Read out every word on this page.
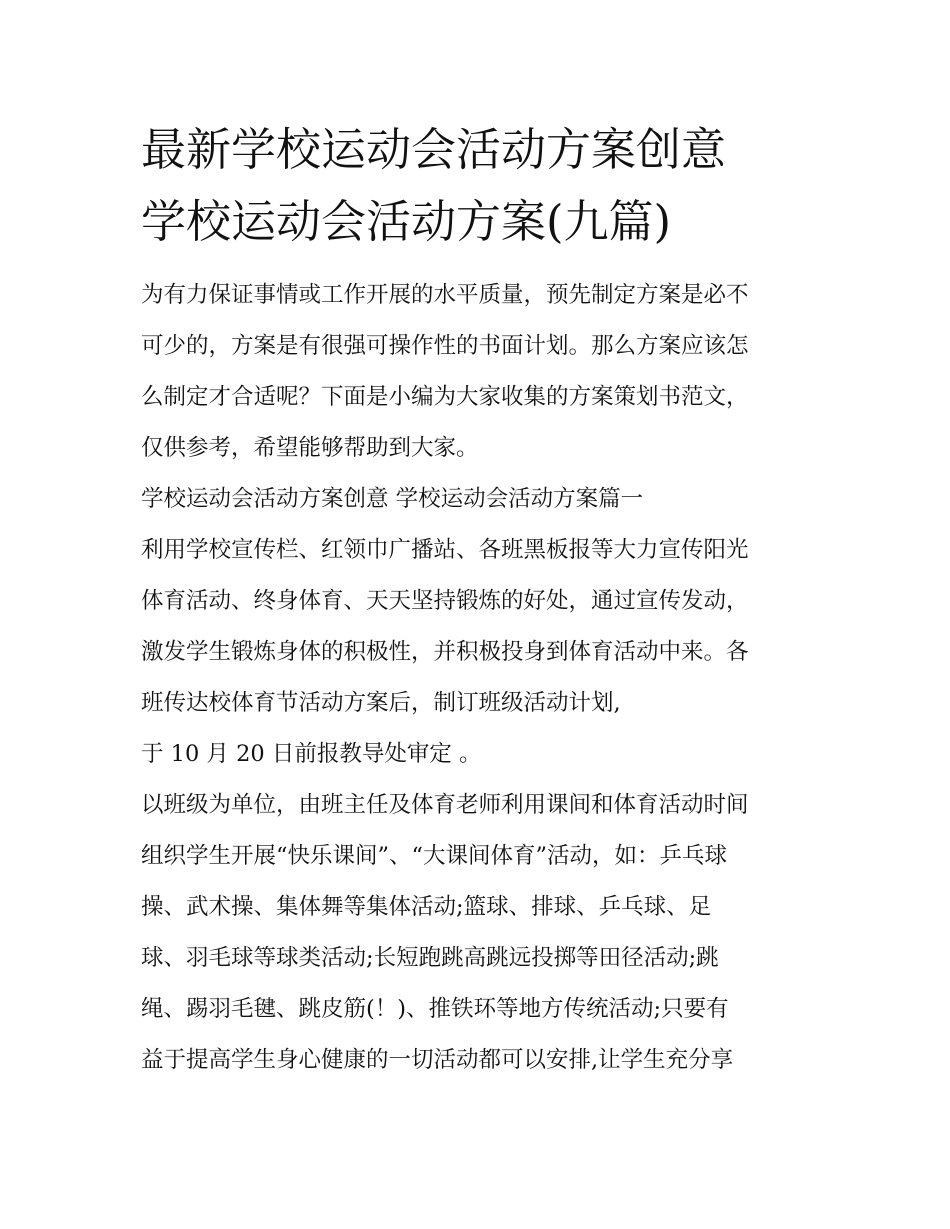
最新学校运动会活动方案创意
学校运动会活动方案(九篇)
为有力保证事情或工作开展的水平质量，预先制定方案是必不
可少的，方案是有很强可操作性的书面计划。那么方案应该怎
么制定才合适呢？下面是小编为大家收集的方案策划书范文，
仅供参考，希望能够帮助到大家。
学校运动会活动方案创意 学校运动会活动方案篇一
利用学校宣传栏、红领巾广播站、各班黑板报等大力宣传阳光
体育活动、终身体育、天天坚持锻炼的好处，通过宣传发动，
激发学生锻炼身体的积极性，并积极投身到体育活动中来。各
班传达校体育节活动方案后，制订班级活动计划,
于 10 月 20 日前报教导处审定 。
以班级为单位，由班主任及体育老师利用课间和体育活动时间
组织学生开展“快乐课间”、“大课间体育”活动，如：乒乓球
操、武术操、集体舞等集体活动;篮球、排球、乒乓球、足
球、羽毛球等球类活动;长短跑跳高跳远投掷等田径活动;跳
绳、踢羽毛毽、跳皮筋(！)、推铁环等地方传统活动;只要有
益于提高学生身心健康的一切活动都可以安排,让学生充分享
